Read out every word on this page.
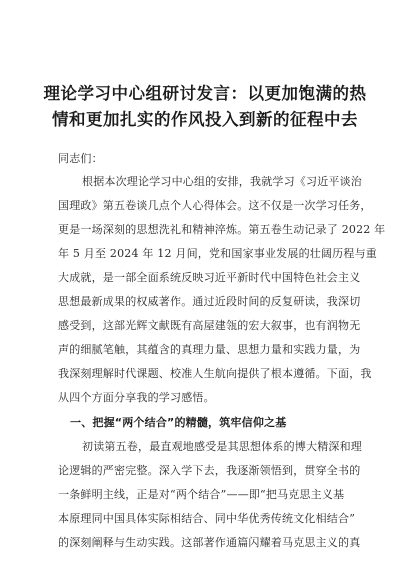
理论学习中心组研讨发言：以更加饱满的热
情和更加扎实的作风投入到新的征程中去
同志们：
根据本次理论学习中心组的安排，我就学习《习近平谈治
国理政》第五卷谈几点个人心得体会。这不仅是一次学习任务，
更是一场深刻的思想洗礼和精神淬炼。第五卷生动记录了 2022 年
年 5 月至 2024 年 12 月间，党和国家事业发展的壮阔历程与重
大成就，是一部全面系统反映习近平新时代中国特色社会主义
思想最新成果的权威著作。通过近段时间的反复研读，我深切
感受到，这部光辉文献既有高屋建瓴的宏大叙事，也有润物无
声的细腻笔触，其蕴含的真理力量、思想力量和实践力量，为
我深刻理解时代课题、校准人生航向提供了根本遵循。下面，我
从四个方面分享我的学习感悟。
一、把握“两个结合”的精髓，筑牢信仰之基
初读第五卷，最直观地感受是其思想体系的博大精深和理
论逻辑的严密完整。深入学下去，我逐渐领悟到，贯穿全书的
一条鲜明主线，正是对“两个结合”——即“把马克思主义基
本原理同中国具体实际相结合、同中华优秀传统文化相结合”
的深刻阐释与生动实践。这部著作通篇闪耀着马克思主义的真
